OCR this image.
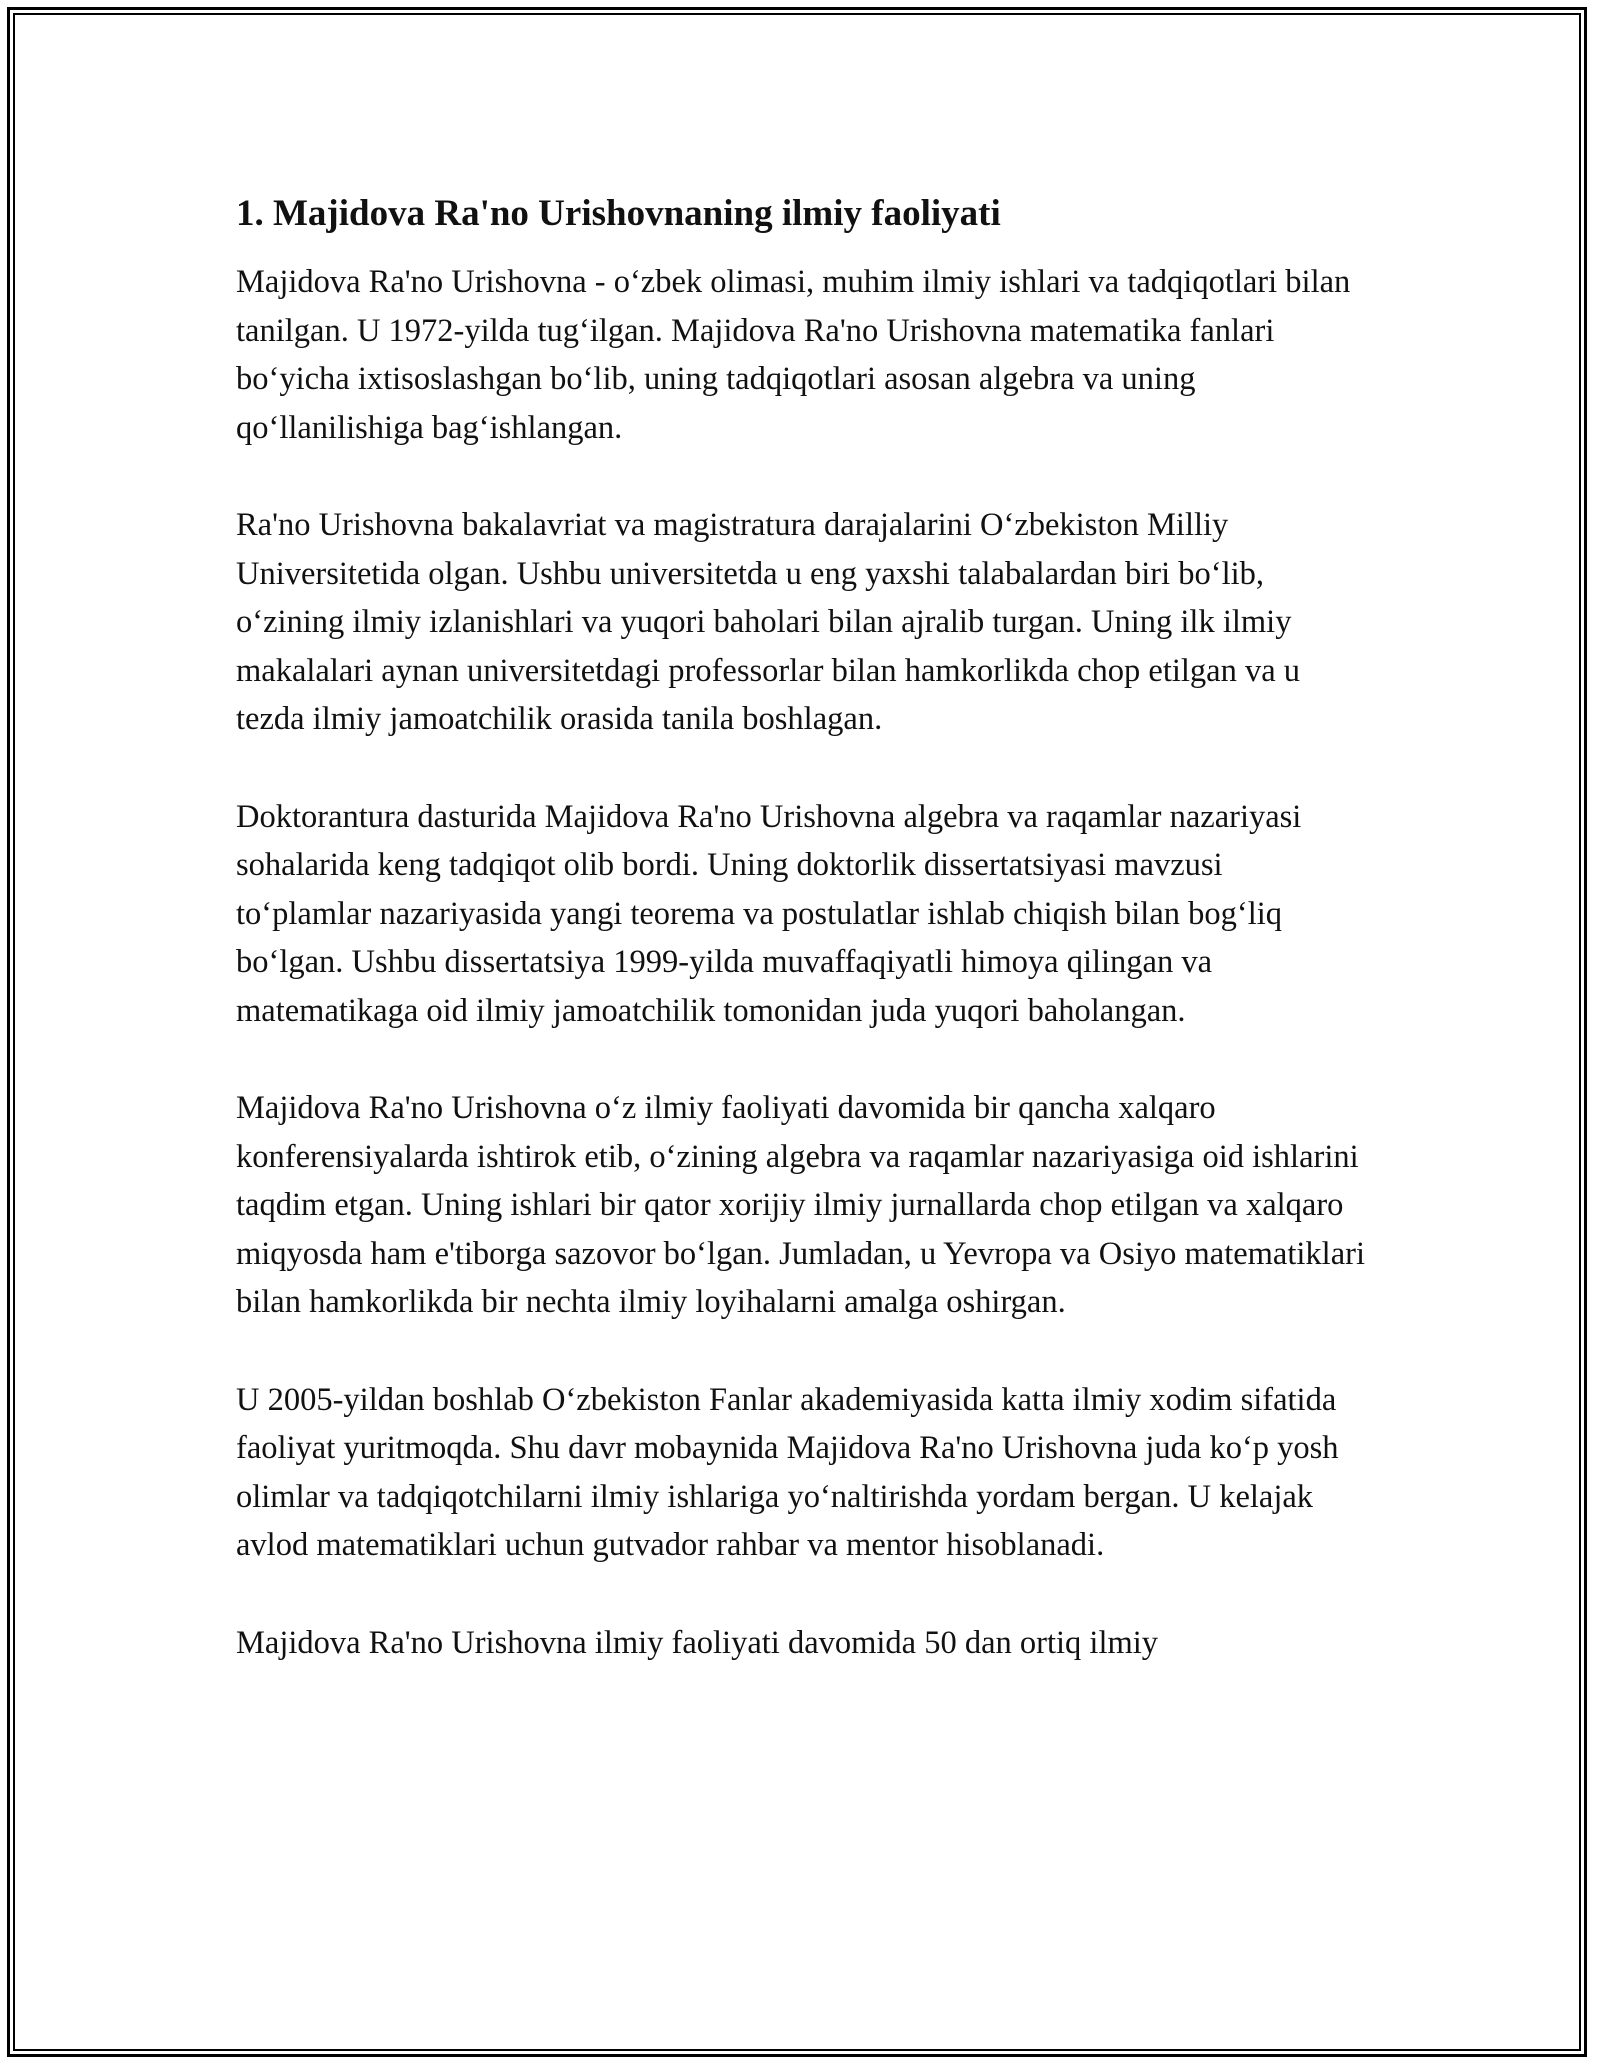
1. Majidova Ra'no Urishovnaning ilmiy faoliyati

Majidova Ra'no Urishovna - o‘zbek olimasi, muhim ilmiy ishlari va tadqiqotlari bilan tanilgan. U 1972-yilda tug‘ilgan. Majidova Ra'no Urishovna matematika fanlari bo‘yicha ixtisoslashgan bo‘lib, uning tadqiqotlari asosan algebra va uning qo‘llanilishiga bag‘ishlangan.

Ra'no Urishovna bakalavriat va magistratura darajalarini O‘zbekiston Milliy Universitetida olgan. Ushbu universitetda u eng yaxshi talabalardan biri bo‘lib, o‘zining ilmiy izlanishlari va yuqori baholari bilan ajralib turgan. Uning ilk ilmiy makalalari aynan universitetdagi professorlar bilan hamkorlikda chop etilgan va u tezda ilmiy jamoatchilik orasida tanila boshlagan.

Doktorantura dasturida Majidova Ra'no Urishovna algebra va raqamlar nazariyasi sohalarida keng tadqiqot olib bordi. Uning doktorlik dissertatsiyasi mavzusi to‘plamlar nazariyasida yangi teorema va postulatlar ishlab chiqish bilan bog‘liq bo‘lgan. Ushbu dissertatsiya 1999-yilda muvaffaqiyatli himoya qilingan va matematikaga oid ilmiy jamoatchilik tomonidan juda yuqori baholangan.

Majidova Ra'no Urishovna o‘z ilmiy faoliyati davomida bir qancha xalqaro konferensiyalarda ishtirok etib, o‘zining algebra va raqamlar nazariyasiga oid ishlarini taqdim etgan. Uning ishlari bir qator xorijiy ilmiy jurnallarda chop etilgan va xalqaro miqyosda ham e'tiborga sazovor bo‘lgan. Jumladan, u Yevropa va Osiyo matematiklari bilan hamkorlikda bir nechta ilmiy loyihalarni amalga oshirgan.

U 2005-yildan boshlab O‘zbekiston Fanlar akademiyasida katta ilmiy xodim sifatida faoliyat yuritmoqda. Shu davr mobaynida Majidova Ra'no Urishovna juda ko‘p yosh olimlar va tadqiqotchilarni ilmiy ishlariga yo‘naltirishda yordam bergan. U kelajak avlod matematiklari uchun gutvador rahbar va mentor hisoblanadi.

Majidova Ra'no Urishovna ilmiy faoliyati davomida 50 dan ortiq ilmiy
